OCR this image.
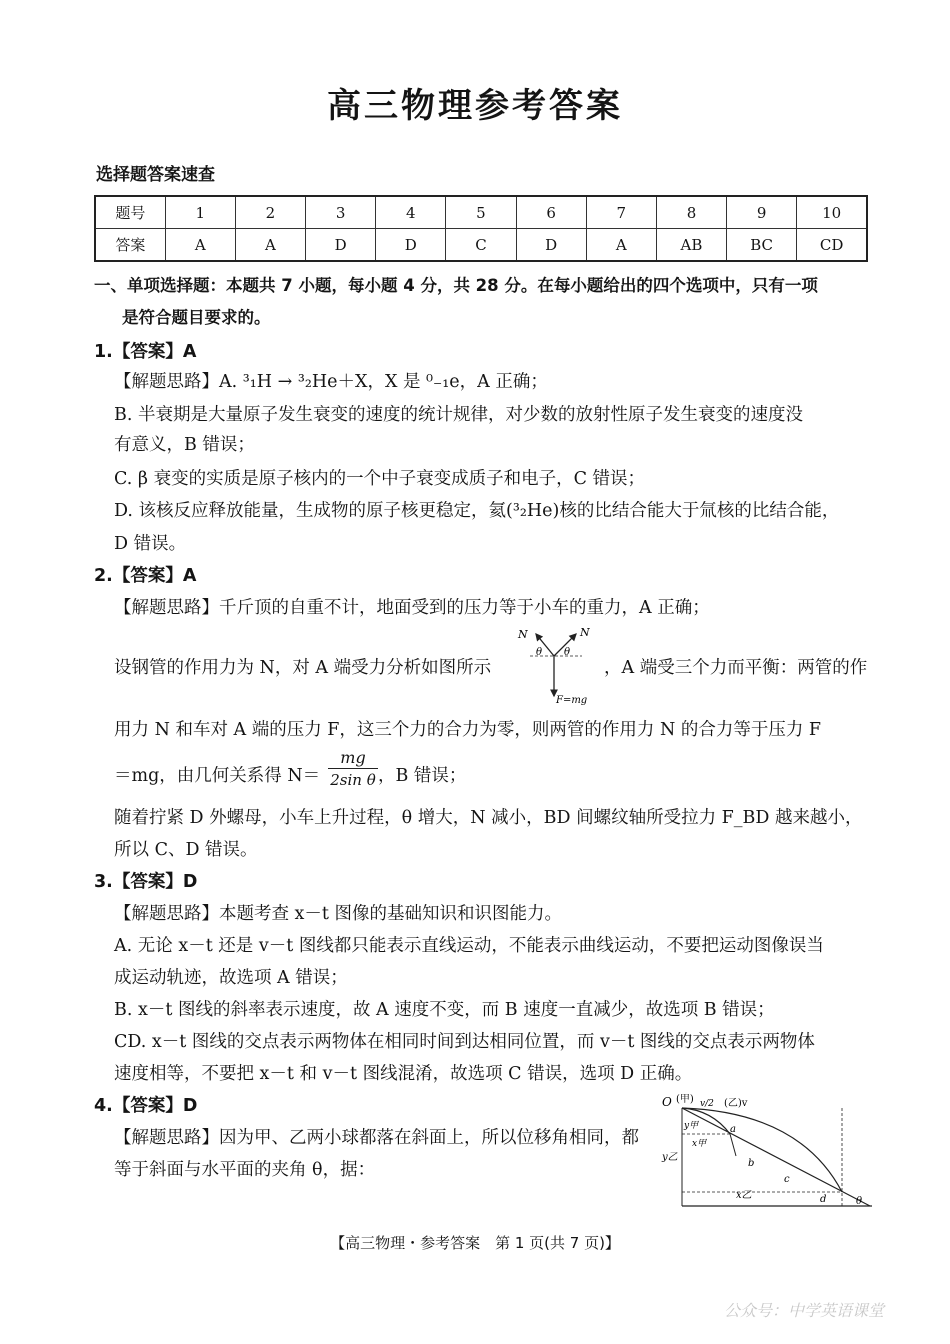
高三物理参考答案
选择题答案速查
题号	1	2	3	4	5	6	7	8	9	10
答案	A	A	D	D	C	D	A	AB	BC	CD
一、单项选择题：本题共 7 小题，每小题 4 分，共 28 分。在每小题给出的四个选项中，只有一项
是符合题目要求的。
1.【答案】A
【解题思路】A. ³₁H → ³₂He＋X，X 是 ⁰₋₁e，A 正确；
B. 半衰期是大量原子发生衰变的速度的统计规律，对少数的放射性原子发生衰变的速度没
有意义，B 错误；
C. β 衰变的实质是原子核内的一个中子衰变成质子和电子，C 错误；
D. 该核反应释放能量，生成物的原子核更稳定，氦(³₂He)核的比结合能大于氚核的比结合能，
D 错误。
2.【答案】A
【解题思路】千斤顶的自重不计，地面受到的压力等于小车的重力，A 正确；
设钢管的作用力为 N，对 A 端受力分析如图所示
N	N
θ θ
F=mg
，A 端受三个力而平衡：两管的作
用力 N 和车对 A 端的压力 F，这三个力的合力为零，则两管的作用力 N 的合力等于压力 F
＝mg，由几何关系得 $N= \frac{mg}{\text{2sin θ}}$ ，B 错误；
随着拧紧 D 外螺母，小车上升过程，θ 增大，N 减小，BD 间螺纹轴所受拉力 F_BD 越来越小，
所以 C、D 错误。
3.【答案】D
【解题思路】本题考查 x－t 图像的基础知识和识图能力。
A. 无论 x－t 还是 v－t 图线都只能表示直线运动，不能表示曲线运动，不要把运动图像误当
成运动轨迹，故选项 A 错误；
B. x－t 图线的斜率表示速度，故 A 速度不变，而 B 速度一直减少，故选项 B 错误；
CD. x－t 图线的交点表示两物体在相同时间到达相同位置，而 v－t 图线的交点表示两物体
速度相等，不要把 x－t 和 v－t 图线混淆，故选项 C 错误，选项 D 正确。
4.【答案】D
【解题思路】因为甲、乙两小球都落在斜面上，所以位移角相同，都
等于斜面与水平面的夹角 θ，据：
O (甲) v/2 (乙)v
y甲
x甲
y乙
x乙
a
b
c
d	θ
【高三物理・参考答案　第 1 页(共 7 页)】
公众号：中学英语课堂
